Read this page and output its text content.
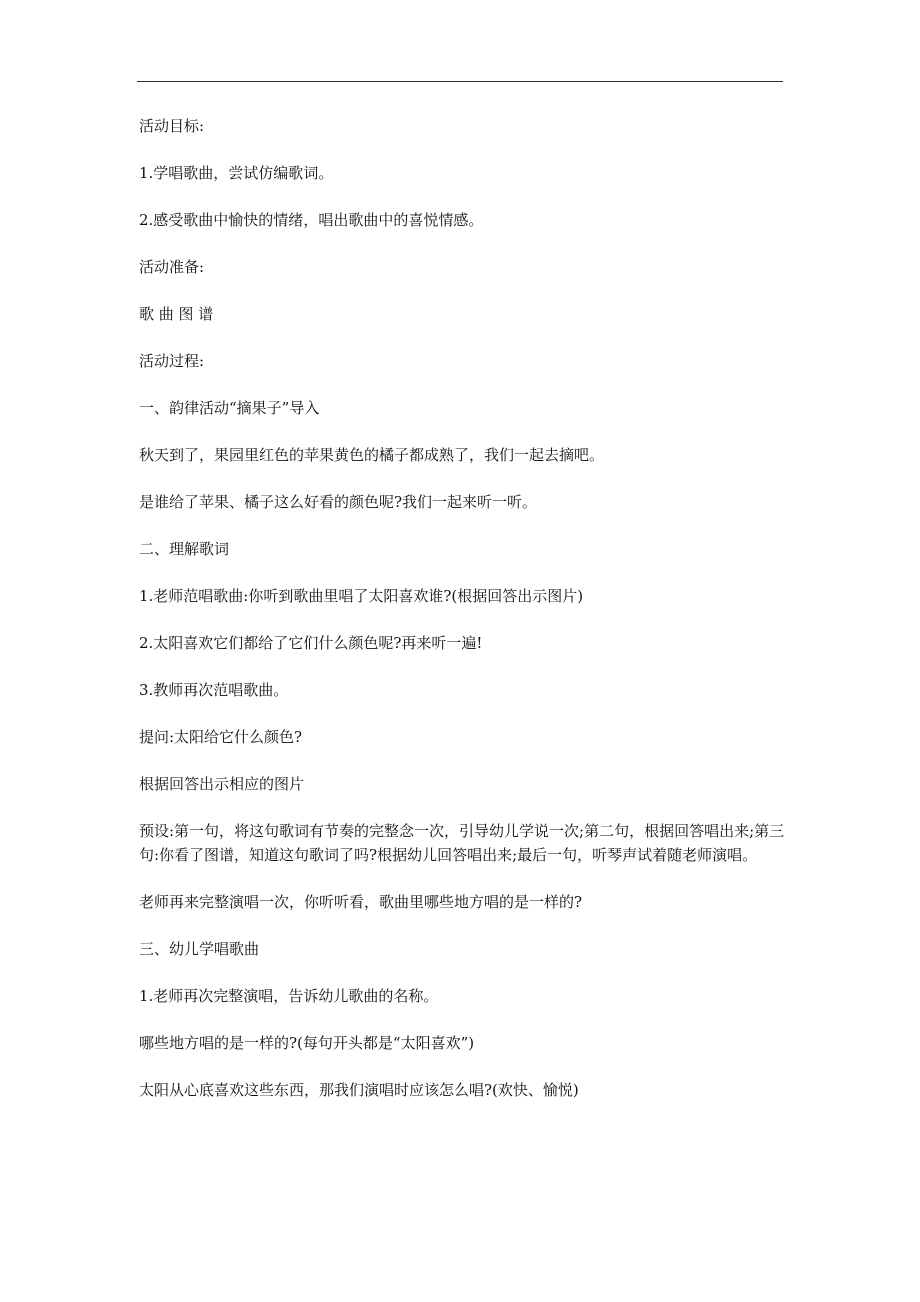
活动目标:

1.学唱歌曲，尝试仿编歌词。

2.感受歌曲中愉快的情绪，唱出歌曲中的喜悦情感。

活动准备:

歌 曲 图 谱

活动过程:

一、韵律活动“摘果子”导入

秋天到了，果园里红色的苹果黄色的橘子都成熟了，我们一起去摘吧。

是谁给了苹果、橘子这么好看的颜色呢?我们一起来听一听。

二、理解歌词

1.老师范唱歌曲:你听到歌曲里唱了太阳喜欢谁?(根据回答出示图片)

2.太阳喜欢它们都给了它们什么颜色呢?再来听一遍!

3.教师再次范唱歌曲。

提问:太阳给它什么颜色?

根据回答出示相应的图片

预设:第一句，将这句歌词有节奏的完整念一次，引导幼儿学说一次;第二句，根据回答唱出来;第三句:你看了图谱，知道这句歌词了吗?根据幼儿回答唱出来;最后一句，听琴声试着随老师演唱。

老师再来完整演唱一次，你听听看，歌曲里哪些地方唱的是一样的?

三、幼儿学唱歌曲

1.老师再次完整演唱，告诉幼儿歌曲的名称。

哪些地方唱的是一样的?(每句开头都是“太阳喜欢”)

太阳从心底喜欢这些东西，那我们演唱时应该怎么唱?(欢快、愉悦)
